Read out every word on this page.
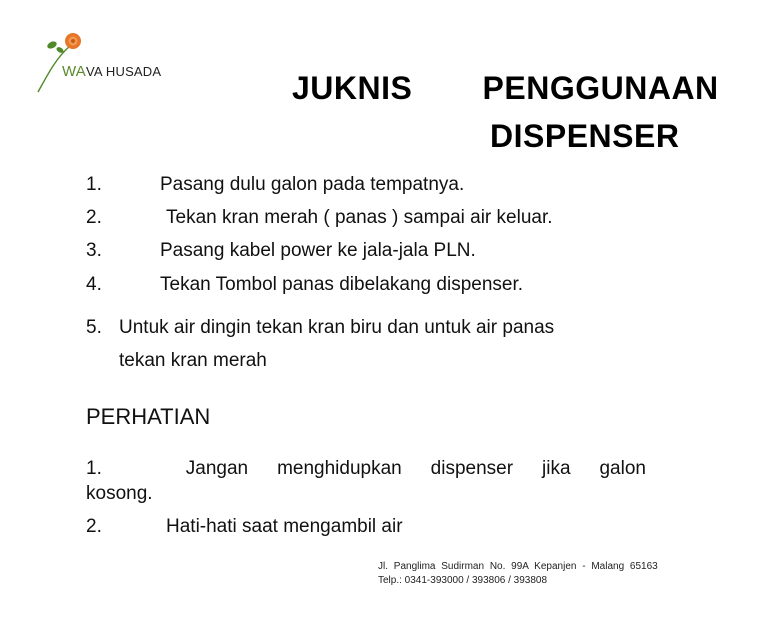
WAVA HUSADA	JUKNIS   PENGGUNAAN
DISPENSER
1.	Pasang dulu galon pada tempatnya.
2.	Tekan kran merah ( panas ) sampai air keluar.
3.	Pasang kabel power ke jala-jala PLN.
4.	Tekan Tombol panas dibelakang dispenser.
5. Untuk air dingin tekan kran biru dan untuk air panas
tekan kran merah
PERHATIAN
1.	Jangan menghidupkan dispenser jika galon
kosong.
2.	Hati-hati saat mengambil air
Jl. Panglima Sudirman No. 99A Kepanjen - Malang 65163
Telp.: 0341-393000 / 393806 / 393808
